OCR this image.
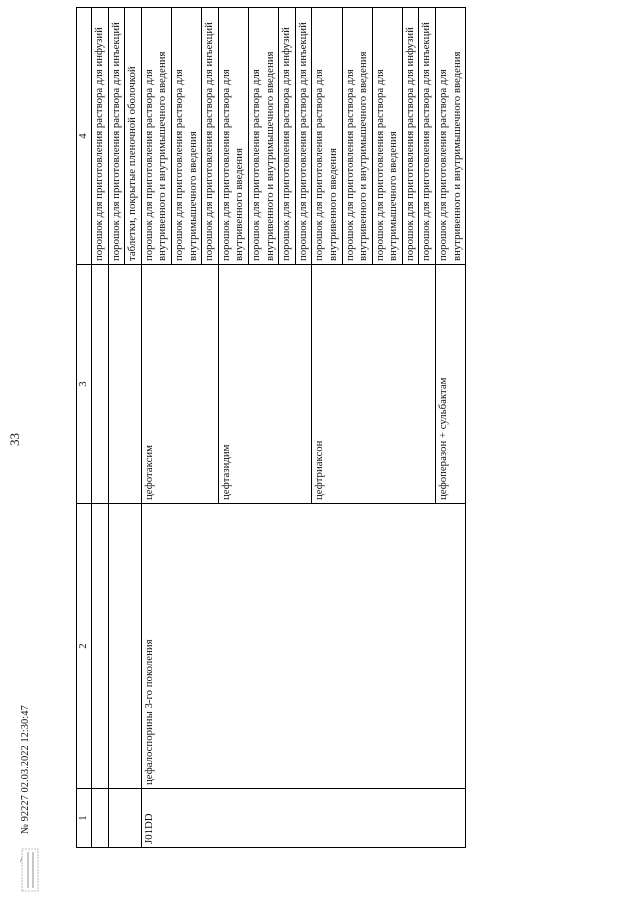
33
1	2	3	4
			порошок для приготовления раствора для инфузий
			порошок для приготовления раствора для инъекций
			таблетки, покрытые пленочной оболочкой
J01DD	цефалоспорины 3-го поколения	цефотаксим	порошок для приготовления раствора для внутривенного и внутримышечного введения
			порошок для приготовления раствора для внутримышечного введения
			порошок для приготовления раствора для инъекций
		цефтазидим	порошок для приготовления раствора для внутривенного введения
			порошок для приготовления раствора для внутривенного и внутримышечного введения
			порошок для приготовления раствора для инфузий
			порошок для приготовления раствора для инъекций
		цефтриаксон	порошок для приготовления раствора для внутривенного введения
			порошок для приготовления раствора для внутривенного и внутримышечного введения
			порошок для приготовления раствора для внутримышечного введения
			порошок для приготовления раствора для инфузий
			порошок для приготовления раствора для инъекций
		цефоперазон + сульбактам	порошок для приготовления раствора для внутривенного и внутримышечного введения
№ 92227 02.03.2022 12:30:47
